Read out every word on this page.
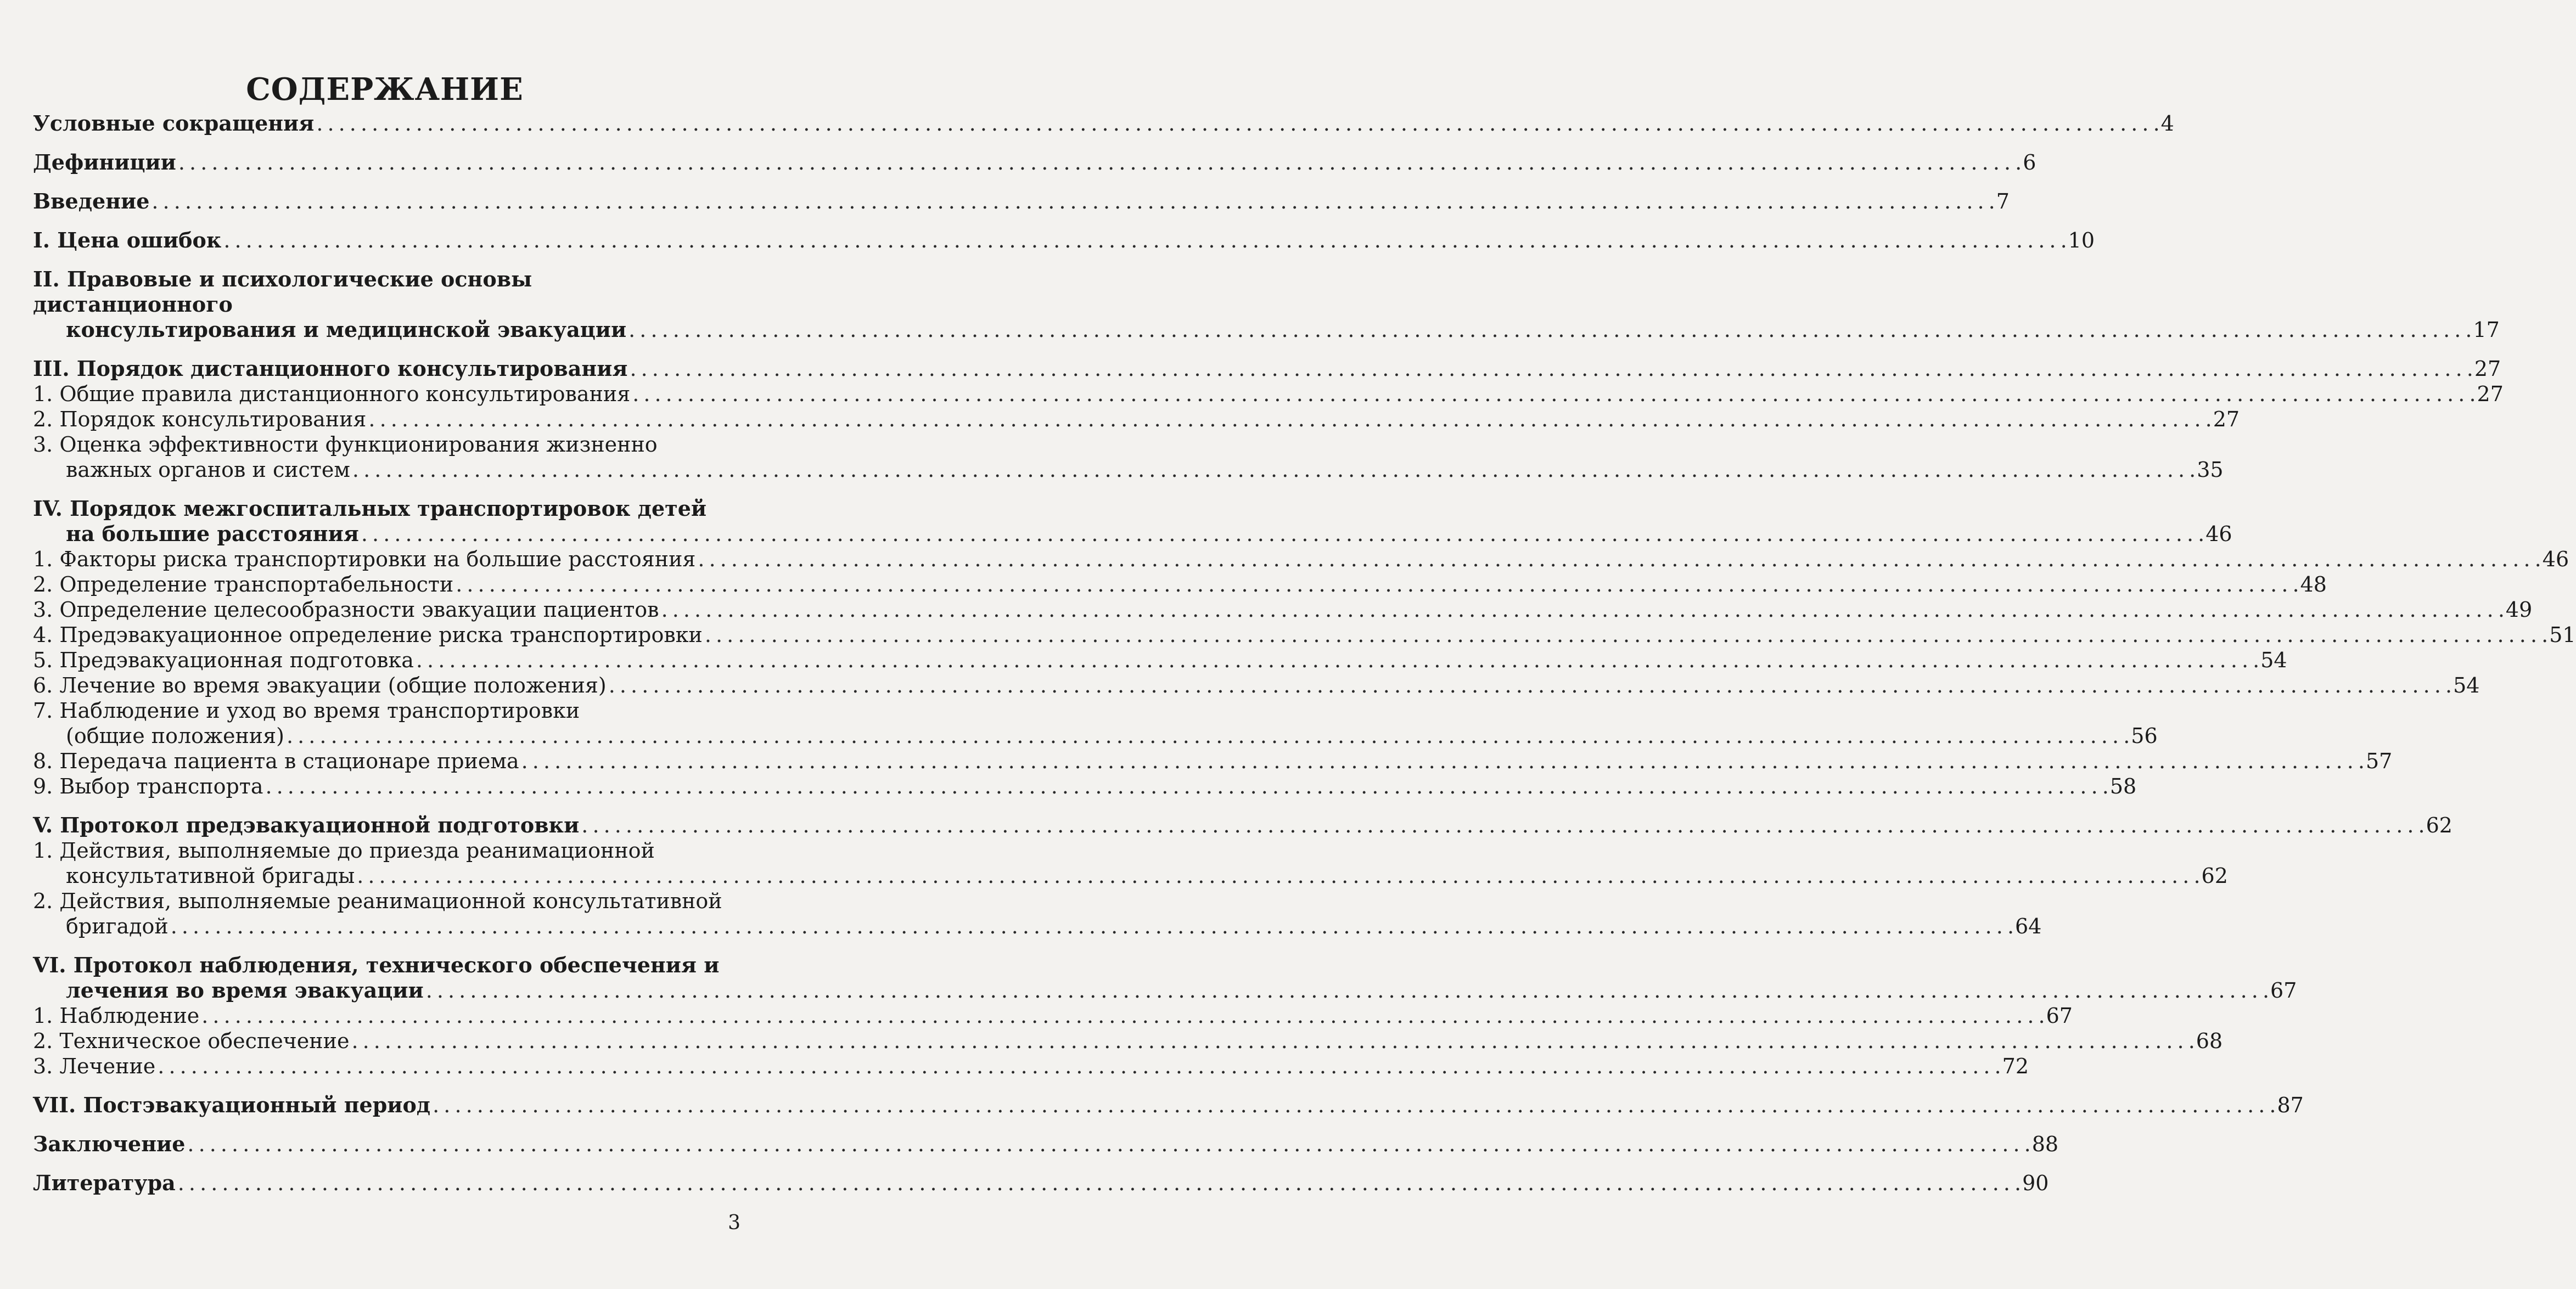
СОДЕРЖАНИЕ
Условные сокращения . . .	4
Дефиниции . . .	6
Введение . . .	7
I. Цена ошибок . . .	10
II. Правовые и психологические основы дистанционного
консультирования и медицинской эвакуации . . .	17
III. Порядок дистанционного консультирования . . .	27
1. Общие правила дистанционного консультирования . . .	27
2. Порядок консультирования . . .	27
3. Оценка эффективности функционирования жизненно
важных органов и систем . . .	35
IV. Порядок межгоспитальных транспортировок детей
на большие расстояния . . .	46
1. Факторы риска транспортировки на большие расстояния . . .	46
2. Определение транспортабельности . . .	48
3. Определение целесообразности эвакуации пациентов . . .	49
4. Предэвакуационное определение риска транспортировки . . .	51
5. Предэвакуационная подготовка . . .	54
6. Лечение во время эвакуации (общие положения) . . .	54
7. Наблюдение и уход во время транспортировки
(общие положения) . . .	56
8. Передача пациента в стационаре приема . . .	57
9. Выбор транспорта . . .	58
V. Протокол предэвакуационной подготовки . . .	62
1. Действия, выполняемые до приезда реанимационной
консультативной бригады . . .	62
2. Действия, выполняемые реанимационной консультативной
бригадой . . .	64
VI. Протокол наблюдения, технического обеспечения и
лечения во время эвакуации . . .	67
1. Наблюдение . . .	67
2. Техническое обеспечение . . .	68
3. Лечение . . .	72
VII. Постэвакуационный период . . .	87
Заключение . . .	88
Литература . . .	90
3
